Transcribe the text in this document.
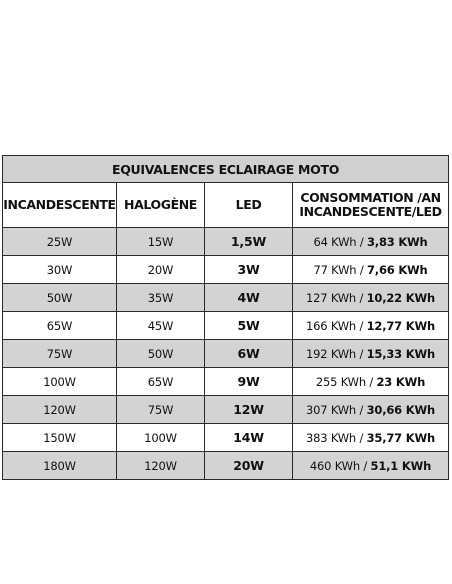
EQUIVALENCES ECLAIRAGE MOTO			
INCANDESCENTE	HALOGÈNE	LED	CONSOMMATION /AN
INCANDESCENTE/LED

25W	15W	1,5W	64 KWh / 3,83 KWh
30W	20W	3W	77 KWh / 7,66 KWh
50W	35W	4W	127 KWh / 10,22 KWh
65W	45W	5W	166 KWh / 12,77 KWh
75W	50W	6W	192 KWh / 15,33 KWh
100W	65W	9W	255 KWh / 23 KWh
120W	75W	12W	307 KWh / 30,66 KWh
150W	100W	14W	383 KWh / 35,77 KWh
180W	120W	20W	460 KWh / 51,1 KWh
